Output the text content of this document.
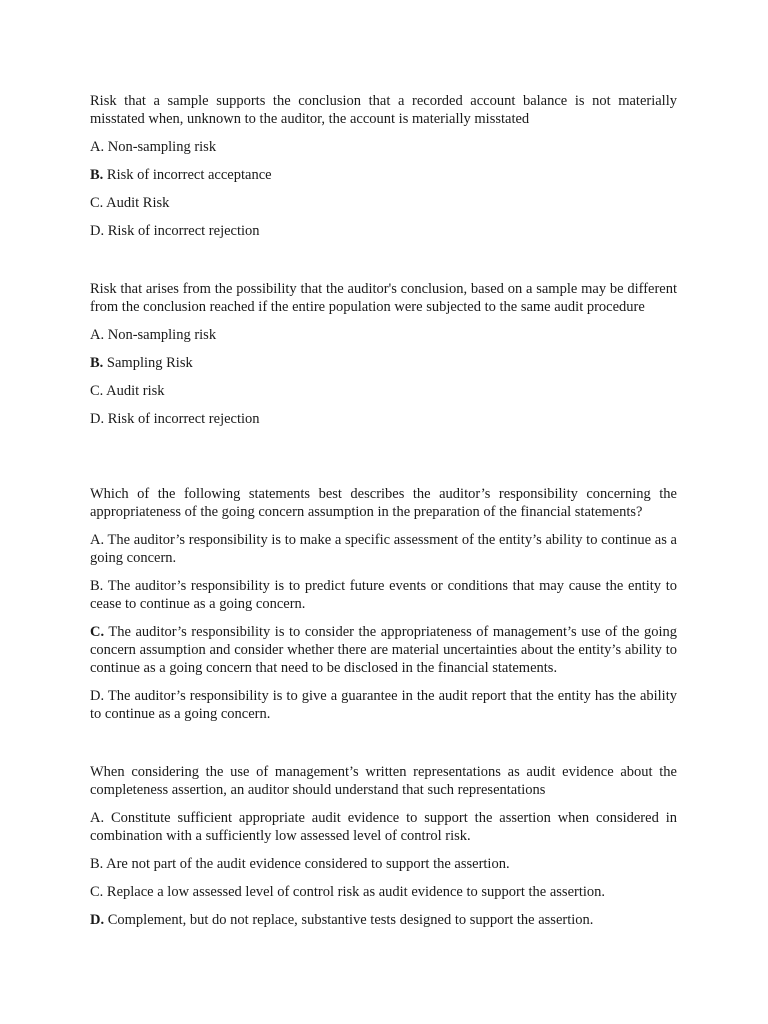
Risk that a sample supports the conclusion that a recorded account balance is not materially misstated when, unknown to the auditor, the account is materially misstated

A. Non-sampling risk

B. Risk of incorrect acceptance

C. Audit Risk

D. Risk of incorrect rejection

Risk that arises from the possibility that the auditor's conclusion, based on a sample may be different from the conclusion reached if the entire population were subjected to the same audit procedure

A. Non-sampling risk

B. Sampling Risk

C. Audit risk

D. Risk of incorrect rejection

Which of the following statements best describes the auditor’s responsibility concerning the appropriateness of the going concern assumption in the preparation of the financial statements?

A. The auditor’s responsibility is to make a specific assessment of the entity’s ability to continue as a going concern.

B. The auditor’s responsibility is to predict future events or conditions that may cause the entity to cease to continue as a going concern.

C. The auditor’s responsibility is to consider the appropriateness of management’s use of the going concern assumption and consider whether there are material uncertainties about the entity’s ability to continue as a going concern that need to be disclosed in the financial statements.

D. The auditor’s responsibility is to give a guarantee in the audit report that the entity has the ability to continue as a going concern.

When considering the use of management’s written representations as audit evidence about the completeness assertion, an auditor should understand that such representations

A. Constitute sufficient appropriate audit evidence to support the assertion when considered in combination with a sufficiently low assessed level of control risk.

B. Are not part of the audit evidence considered to support the assertion.

C. Replace a low assessed level of control risk as audit evidence to support the assertion.

D. Complement, but do not replace, substantive tests designed to support the assertion.
